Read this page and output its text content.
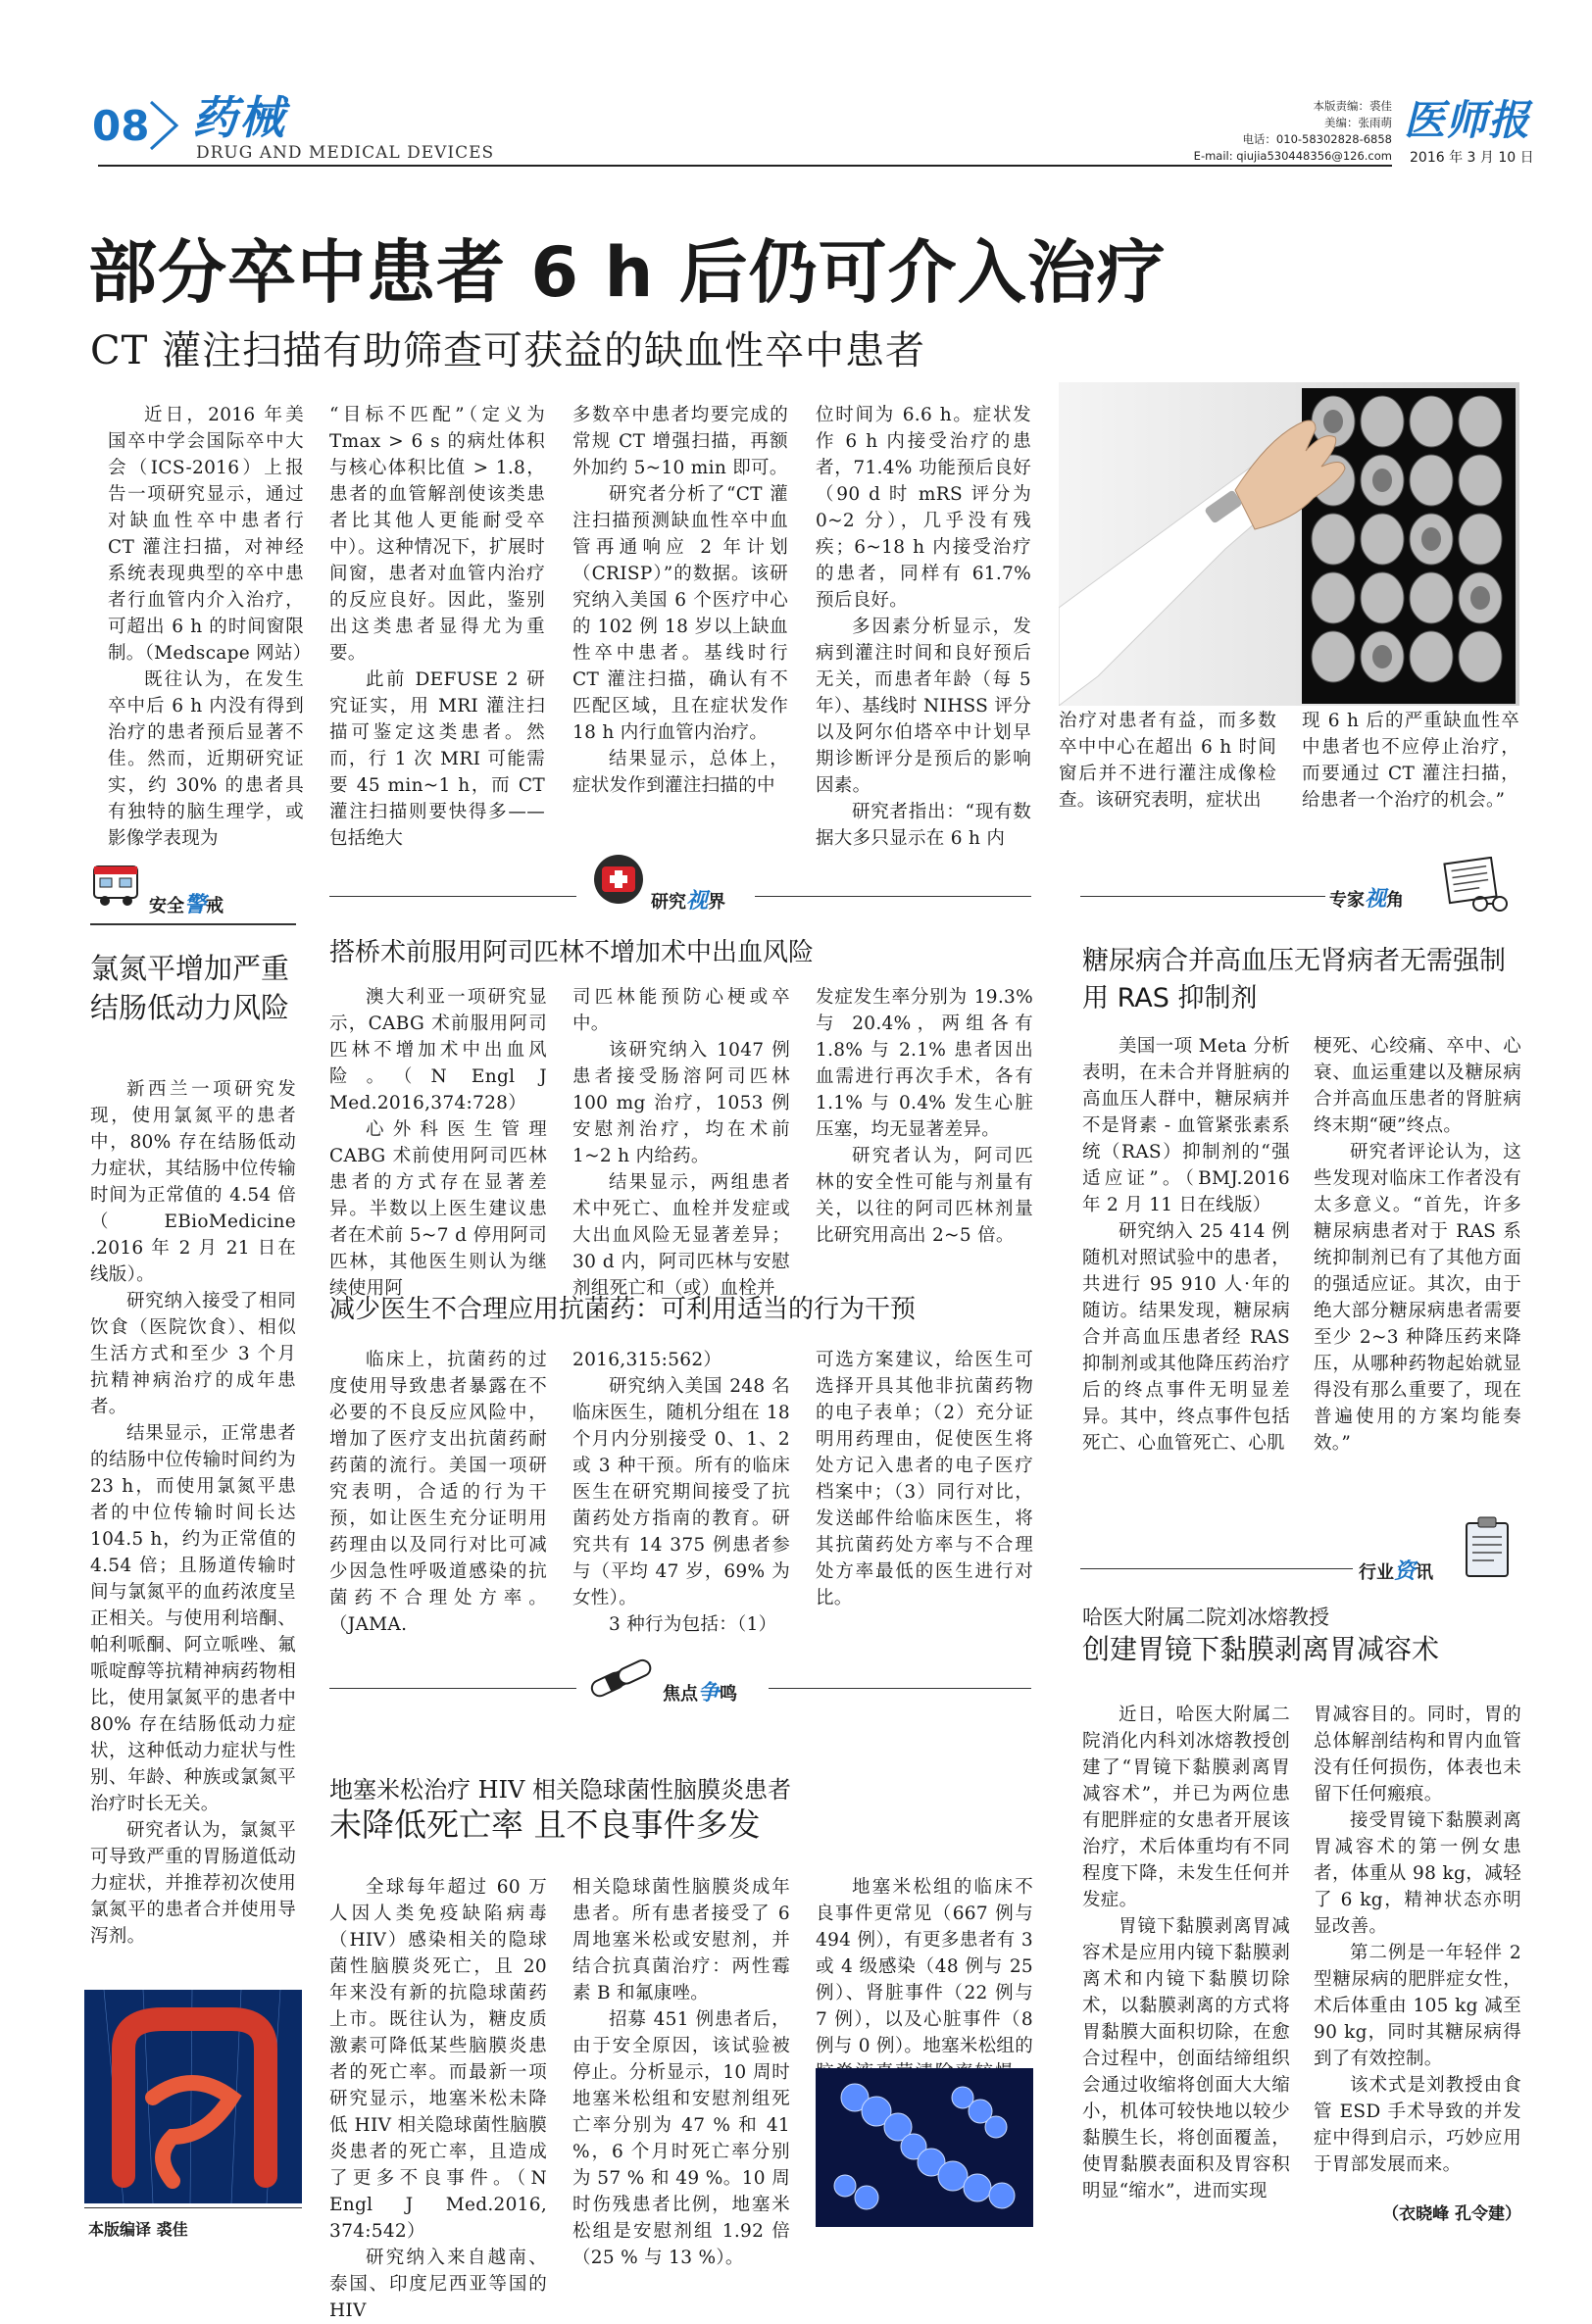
08 药械
DRUG AND MEDICAL DEVICES
本版责编：裘佳
美编：张雨萌
电话：010-58302828-6858
E-mail: qiujia530448356@126.com
医师报
2016 年 3 月 10 日
部分卒中患者 6 h 后仍可介入治疗
CT 灌注扫描有助筛查可获益的缺血性卒中患者

近日，2016 年美国卒中学会国际卒中大会（ICS-2016）上报告一项研究显示，通过对缺血性卒中患者行 CT 灌注扫描，对神经系统表现典型的卒中患者行血管内介入治疗，可超出 6 h 的时间窗限制。（Medscape 网站）

既往认为，在发生卒中后 6 h 内没有得到治疗的患者预后显著不佳。然而，近期研究证实，约 30% 的患者具有独特的脑生理学，或影像学表现为

“目标不匹配”（定义为 Tmax > 6 s 的病灶体积与核心体积比值 > 1.8，患者的血管解剖使该类患者比其他人更能耐受卒中）。这种情况下，扩展时间窗，患者对血管内治疗的反应良好。因此，鉴别出这类患者显得尤为重要。

此前 DEFUSE 2 研究证实，用 MRI 灌注扫描可鉴定这类患者。然而，行 1 次 MRI 可能需要 45 min~1 h，而 CT 灌注扫描则要快得多——包括绝大

多数卒中患者均要完成的常规 CT 增强扫描，再额外加约 5~10 min 即可。

研究者分析了“CT 灌注扫描预测缺血性卒中血管再通响应 2 年计划（CRISP）”的数据。该研究纳入美国 6 个医疗中心的 102 例 18 岁以上缺血性卒中患者。基线时行 CT 灌注扫描，确认有不匹配区域，且在症状发作 18 h 内行血管内治疗。

结果显示，总体上，症状发作到灌注扫描的中

位时间为 6.6 h。症状发作 6 h 内接受治疗的患者，71.4% 功能预后良好（90 d 时 mRS 评分为 0~2 分），几乎没有残疾；6~18 h 内接受治疗的患者，同样有 61.7% 预后良好。

多因素分析显示，发病到灌注时间和良好预后无关，而患者年龄（每 5 年）、基线时 NIHSS 评分以及阿尔伯塔卒中计划早期诊断评分是预后的影响因素。

研究者指出：“现有数据大多只显示在 6 h 内

治疗对患者有益，而多数卒中中心在超出 6 h 时间窗后并不进行灌注成像检查。该研究表明，症状出

现 6 h 后的严重缺血性卒中患者也不应停止治疗，而要通过 CT 灌注扫描，给患者一个治疗的机会。”

安全警戒
氯氮平增加严重结肠低动力风险

新西兰一项研究发现，使用氯氮平的患者中，80% 存在结肠低动力症状，其结肠中位传输时间为正常值的 4.54 倍（EBioMedicine .2016 年 2 月 21 日在线版）。

研究纳入接受了相同饮食（医院饮食）、相似生活方式和至少 3 个月抗精神病治疗的成年患者。

结果显示，正常患者的结肠中位传输时间约为 23 h，而使用氯氮平患者的中位传输时间长达 104.5 h，约为正常值的 4.54 倍；且肠道传输时间与氯氮平的血药浓度呈正相关。与使用利培酮、帕利哌酮、阿立哌唑、氟哌啶醇等抗精神病药物相比，使用氯氮平的患者中 80% 存在结肠低动力症状，这种低动力症状与性别、年龄、种族或氯氮平治疗时长无关。

研究者认为，氯氮平可导致严重的胃肠道低动力症状，并推荐初次使用氯氮平的患者合并使用导泻剂。

本版编译 裘佳
研究视界
搭桥术前服用阿司匹林不增加术中出血风险

澳大利亚一项研究显示，CABG 术前服用阿司匹林不增加术中出血风险。（N Engl J Med.2016,374:728）

心外科医生管理 CABG 术前使用阿司匹林患者的方式存在显著差异。半数以上医生建议患者在术前 5~7 d 停用阿司匹林，其他医生则认为继续使用阿

司匹林能预防心梗或卒中。

该研究纳入 1047 例患者接受肠溶阿司匹林 100 mg 治疗，1053 例安慰剂治疗，均在术前 1~2 h 内给药。

结果显示，两组患者术中死亡、血栓并发症或大出血风险无显著差异；30 d 内，阿司匹林与安慰剂组死亡和（或）血栓并

发症发生率分别为 19.3% 与 20.4%，两组各有 1.8% 与 2.1% 患者因出血需进行再次手术，各有 1.1% 与 0.4% 发生心脏压塞，均无显著差异。

研究者认为，阿司匹林的安全性可能与剂量有关，以往的阿司匹林剂量比研究用高出 2~5 倍。

减少医生不合理应用抗菌药：可利用适当的行为干预

临床上，抗菌药的过度使用导致患者暴露在不必要的不良反应风险中，增加了医疗支出抗菌药耐药菌的流行。美国一项研究表明，合适的行为干预，如让医生充分证明用药理由以及同行对比可减少因急性呼吸道感染的抗菌药不合理处方率。（JAMA.

2016,315:562）

研究纳入美国 248 名临床医生，随机分组在 18 个月内分别接受 0、1、2 或 3 种干预。所有的临床医生在研究期间接受了抗菌药处方指南的教育。研究共有 14 375 例患者参与（平均 47 岁，69% 为女性）。

3 种行为包括：（1）

可选方案建议，给医生可选择开具其他非抗菌药物的电子表单；（2）充分证明用药理由，促使医生将处方记入患者的电子医疗档案中；（3）同行对比，发送邮件给临床医生，将其抗菌药处方率与不合理处方率最低的医生进行对比。

焦点争鸣
地塞米松治疗 HIV 相关隐球菌性脑膜炎患者
未降低死亡率 且不良事件多发

全球每年超过 60 万人因人类免疫缺陷病毒（HIV）感染相关的隐球菌性脑膜炎死亡，且 20 年来没有新的抗隐球菌药上市。既往认为，糖皮质激素可降低某些脑膜炎患者的死亡率。而最新一项研究显示，地塞米松未降低 HIV 相关隐球菌性脑膜炎患者的死亡率，且造成了更多不良事件。（N Engl J Med.2016, 374:542）

研究纳入来自越南、泰国、印度尼西亚等国的 HIV

相关隐球菌性脑膜炎成年患者。所有患者接受了 6 周地塞米松或安慰剂，并结合抗真菌治疗：两性霉素 B 和氟康唑。

招募 451 例患者后，由于安全原因，该试验被停止。分析显示，10 周时地塞米松组和安慰剂组死亡率分别为 47 % 和 41 %，6 个月时死亡率分别为 57 % 和 49 %。10 周时伤残患者比例，地塞米松组是安慰剂组 1.92 倍（25 % 与 13 %）。

地塞米松组的临床不良事件更常见（667 例与 494 例），有更多患者有 3 或 4 级感染（48 例与 25 例）、肾脏事件（22 例与 7 例），以及心脏事件（8 例与 0 例）。地塞米松组的

专家视角
糖尿病合并高血压无肾病者无需强制用 RAS 抑制剂

美国一项 Meta 分析表明，在未合并肾脏病的高血压人群中，糖尿病并不是肾素 - 血管紧张素系统（RAS）抑制剂的“强适应证”。（BMJ.2016 年 2 月 11 日在线版）

研究纳入 25 414 例随机对照试验中的患者，共进行 95 910 人·年的随访。结果发现，糖尿病合并高血压患者经 RAS 抑制剂或其他降压药治疗后的终点事件无明显差异。其中，终点事件包括死亡、心血管死亡、心肌

梗死、心绞痛、卒中、心衰、血运重建以及糖尿病合并高血压患者的肾脏病终末期“硬”终点。

研究者评论认为，这些发现对临床工作者没有太多意义。“首先，许多糖尿病患者对于 RAS 系统抑制剂已有了其他方面的强适应证。其次，由于绝大部分糖尿病患者需要至少 2~3 种降压药来降压，从哪种药物起始就显得没有那么重要了，现在普遍使用的方案均能奏效。”

行业资讯
哈医大附属二院刘冰熔教授
创建胃镜下黏膜剥离胃减容术

近日，哈医大附属二院消化内科刘冰熔教授创建了“胃镜下黏膜剥离胃减容术”，并已为两位患有肥胖症的女患者开展该治疗，术后体重均有不同程度下降，未发生任何并发症。

胃镜下黏膜剥离胃减容术是应用内镜下黏膜剥离术和内镜下黏膜切除术，以黏膜剥离的方式将胃黏膜大面积切除，在愈合过程中，创面结缔组织会通过收缩将创面大大缩小，机体可较快地以较少黏膜生长，将创面覆盖，使胃黏膜表面积及胃容积明显“缩水”，进而实现

胃减容目的。同时，胃的总体解剖结构和胃内血管没有任何损伤，体表也未留下任何瘢痕。

接受胃镜下黏膜剥离胃减容术的第一例女患者，体重从 98 kg，减轻了 6 kg，精神状态亦明显改善。

第二例是一年轻伴 2 型糖尿病的肥胖症女性，术后体重由 105 kg 减至 90 kg，同时其糖尿病得到了有效控制。

该术式是刘教授由食管 ESD 手术导致的并发症中得到启示，巧妙应用于胃部发展而来。

（衣晓峰 孔令建）
